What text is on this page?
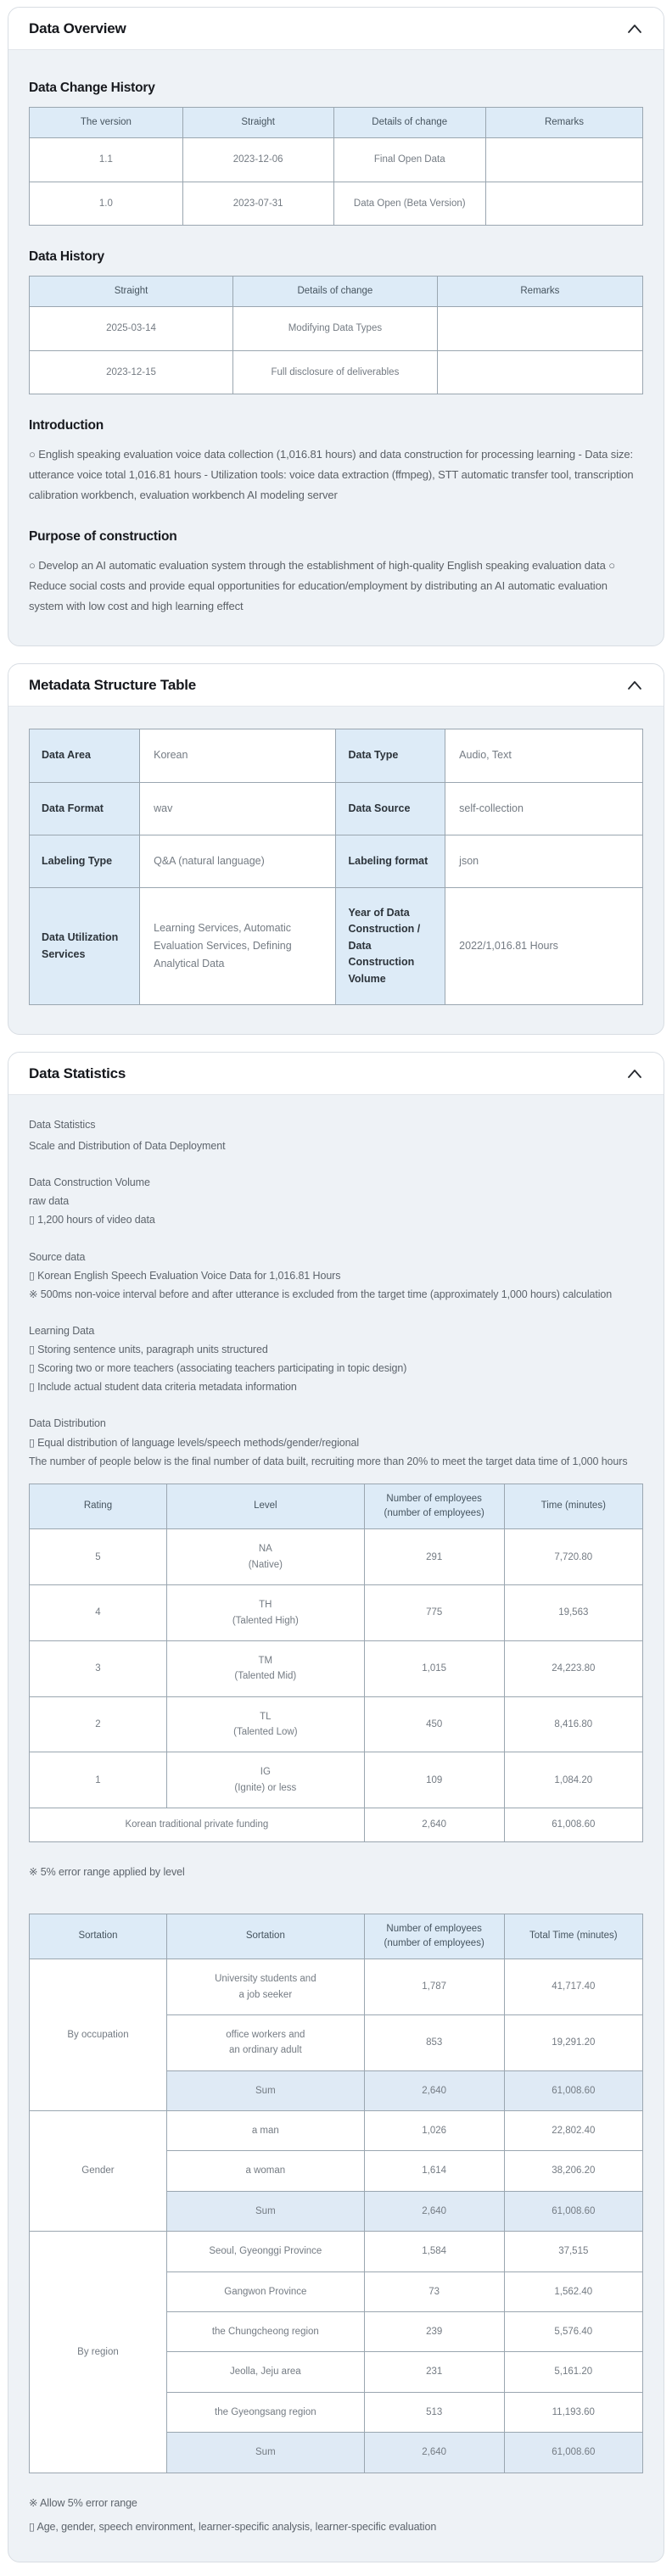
Data Overview
Data Change History
The version	Straight	Details of change	Remarks
1.1	2023-12-06	Final Open Data	
1.0	2023-07-31	Data Open (Beta Version)	
Data History
Straight	Details of change	Remarks
2025-03-14	Modifying Data Types	
2023-12-15	Full disclosure of deliverables	
Introduction

○ English speaking evaluation voice data collection (1,016.81 hours) and data construction for processing learning - Data size: utterance voice total 1,016.81 hours - Utilization tools: voice data extraction (ffmpeg), STT automatic transfer tool, transcription calibration workbench, evaluation workbench AI modeling server

Purpose of construction

○ Develop an AI automatic evaluation system through the establishment of high-quality English speaking evaluation data ○ Reduce social costs and provide equal opportunities for education/employment by distributing an AI automatic evaluation system with low cost and high learning effect

Metadata Structure Table
Data Area	Korean	Data Type	Audio, Text
Data Format	wav	Data Source	self-collection
Labeling Type	Q&A (natural language)	Labeling format	json
Data Utilization Services	Learning Services, Automatic Evaluation Services, Defining Analytical Data	Year of Data Construction / Data Construction Volume	2022/1,016.81 Hours
Data Statistics
Data Statistics
Scale and Distribution of Data Deployment
Data Construction Volume
raw data
▯ 1,200 hours of video data
Source data
▯ Korean English Speech Evaluation Voice Data for 1,016.81 Hours
※ 500ms non-voice interval before and after utterance is excluded from the target time (approximately 1,000 hours) calculation
Learning Data
▯ Storing sentence units, paragraph units structured
▯ Scoring two or more teachers (associating teachers participating in topic design)
▯ Include actual student data criteria metadata information
Data Distribution
▯ Equal distribution of language levels/speech methods/gender/regional
The number of people below is the final number of data built, recruiting more than 20% to meet the target data time of 1,000 hours
Rating	Level	Number of employees (number of employees)	Time (minutes)
5	NA
(Native)	291	7,720.80
4	TH
(Talented High)	775	19,563
3	TM
(Talented Mid)	1,015	24,223.80
2	TL
(Talented Low)	450	8,416.80
1	IG
(Ignite) or less	109	1,084.20
Korean traditional private funding		2,640	61,008.60
※ 5% error range applied by level
Sortation	Sortation	Number of employees (number of employees)	Total Time (minutes)
By occupation	University students and
a job seeker	1,787	41,717.40
	office workers and
an ordinary adult	853	19,291.20
	Sum	2,640	61,008.60
Gender	a man	1,026	22,802.40
	a woman	1,614	38,206.20
	Sum	2,640	61,008.60
By region	Seoul, Gyeonggi Province	1,584	37,515
	Gangwon Province	73	1,562.40
	the Chungcheong region	239	5,576.40
	Jeolla, Jeju area	231	5,161.20
	the Gyeongsang region	513	11,193.60
	Sum	2,640	61,008.60
※ Allow 5% error range
▯ Age, gender, speech environment, learner-specific analysis, learner-specific evaluation
